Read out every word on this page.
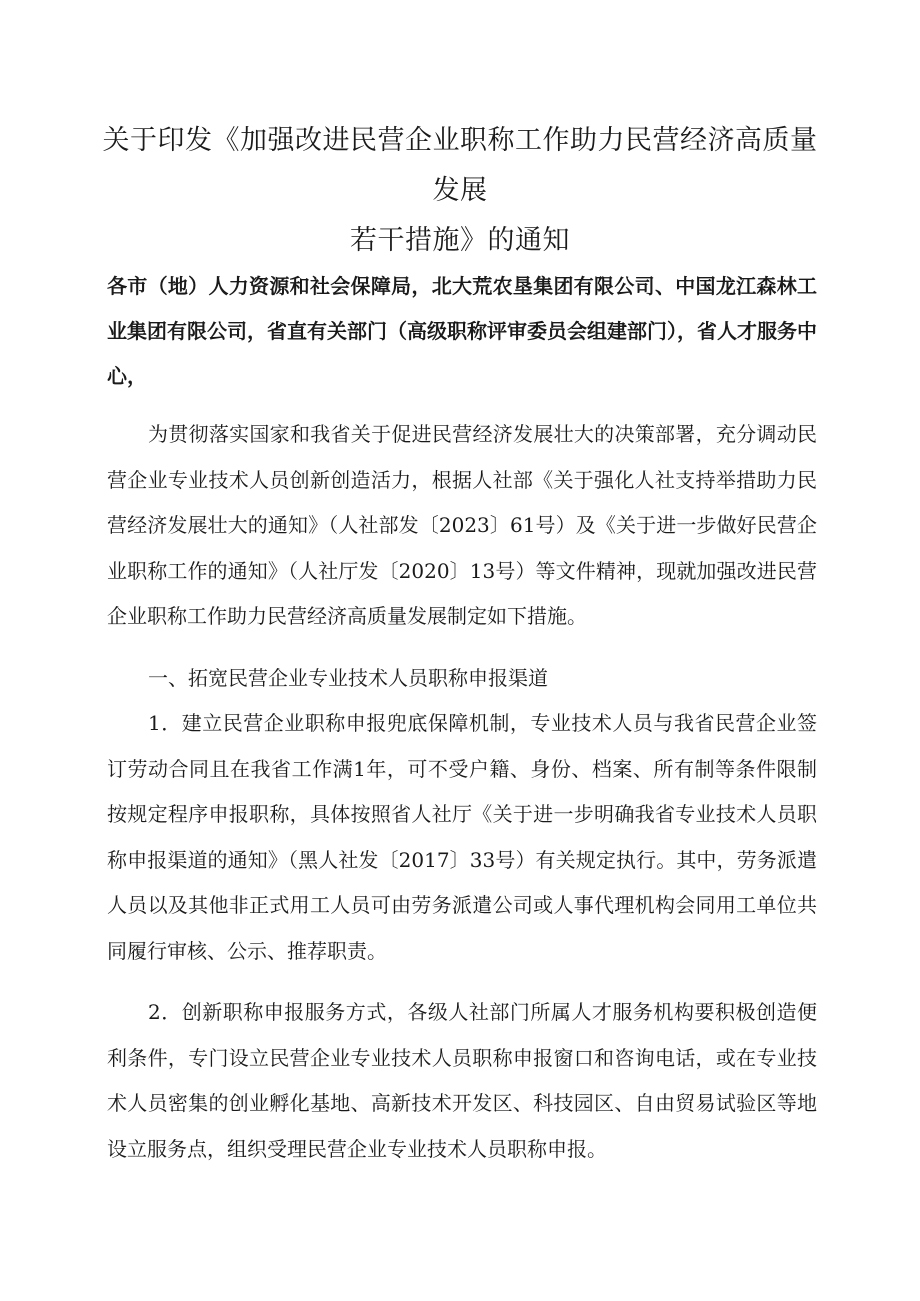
关于印发《加强改进民营企业职称工作助力民营经济高质量发展
若干措施》的通知

各市（地）人力资源和社会保障局，北大荒农垦集团有限公司、中国龙江森林工业集团有限公司，省直有关部门（高级职称评审委员会组建部门），省人才服务中心，

为贯彻落实国家和我省关于促进民营经济发展壮大的决策部署，充分调动民营企业专业技术人员创新创造活力，根据人社部《关于强化人社支持举措助力民营经济发展壮大的通知》（人社部发〔2023〕61号）及《关于进一步做好民营企业职称工作的通知》（人社厅发〔2020〕13号）等文件精神，现就加强改进民营企业职称工作助力民营经济高质量发展制定如下措施。

一、拓宽民营企业专业技术人员职称申报渠道

1．建立民营企业职称申报兜底保障机制，专业技术人员与我省民营企业签订劳动合同且在我省工作满1年，可不受户籍、身份、档案、所有制等条件限制按规定程序申报职称，具体按照省人社厅《关于进一步明确我省专业技术人员职称申报渠道的通知》（黑人社发〔2017〕33号）有关规定执行。其中，劳务派遣人员以及其他非正式用工人员可由劳务派遣公司或人事代理机构会同用工单位共同履行审核、公示、推荐职责。

2．创新职称申报服务方式，各级人社部门所属人才服务机构要积极创造便利条件，专门设立民营企业专业技术人员职称申报窗口和咨询电话，或在专业技术人员密集的创业孵化基地、高新技术开发区、科技园区、自由贸易试验区等地设立服务点，组织受理民营企业专业技术人员职称申报。
